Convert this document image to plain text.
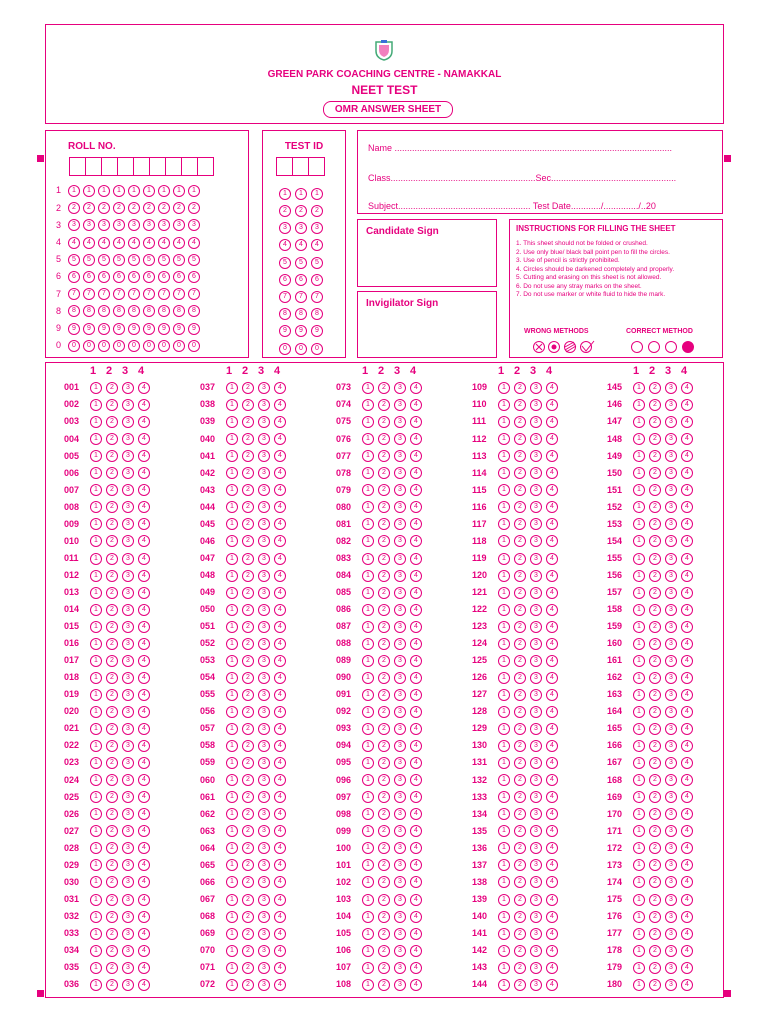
GREEN PARK COACHING CENTRE - NAMAKKAL
NEET TEST
OMR ANSWER SHEET
ROLL NO.
1 1 1 1 1 1 1 1 1 1
2 2 2 2 2 2 2 2 2 2
3 3 3 3 3 3 3 3 3 3
4 4 4 4 4 4 4 4 4 4
5 5 5 5 5 5 5 5 5 5
6 6 6 6 6 6 6 6 6 6
7 7 7 7 7 7 7 7 7 7
8 8 8 8 8 8 8 8 8 8
9 9 9 9 9 9 9 9 9 9
0 0 0 0 0 0 0 0 0 0
TEST ID
1 1 1
2 2 2
3 3 3
4 4 4
5 5 5
6 6 6
7 7 7
8 8 8
9 9 9
0 0 0
Name ...............................................................................................................
Class..........................................................Sec..................................................
Subject..................................................... Test Date............/............../..20
Candidate Sign
Invigilator Sign
INSTRUCTIONS FOR FILLING THE SHEET
1. This sheet should not be folded or crushed.
2. Use only blue/ black ball point pen to fill the circles.
3. Use of pencil is strictly prohibited.
4. Circles should be darkened completely and properly.
5. Cutting and erasing on this sheet is not allowed.
6. Do not use any stray marks on the sheet.
7. Do not use marker or white fluid to hide the mark.
WRONG METHODS	CORRECT METHOD
1 2 3 4
001 1 2 3 4
002 1 2 3 4
003 1 2 3 4
004 1 2 3 4
005 1 2 3 4
006 1 2 3 4
007 1 2 3 4
008 1 2 3 4
009 1 2 3 4
010 1 2 3 4
011 1 2 3 4
012 1 2 3 4
013 1 2 3 4
014 1 2 3 4
015 1 2 3 4
016 1 2 3 4
017 1 2 3 4
018 1 2 3 4
019 1 2 3 4
020 1 2 3 4
021 1 2 3 4
022 1 2 3 4
023 1 2 3 4
024 1 2 3 4
025 1 2 3 4
026 1 2 3 4
027 1 2 3 4
028 1 2 3 4
029 1 2 3 4
030 1 2 3 4
031 1 2 3 4
032 1 2 3 4
033 1 2 3 4
034 1 2 3 4
035 1 2 3 4
036 1 2 3 4
1 2 3 4
037 1 2 3 4
038 1 2 3 4
039 1 2 3 4
040 1 2 3 4
041 1 2 3 4
042 1 2 3 4
043 1 2 3 4
044 1 2 3 4
045 1 2 3 4
046 1 2 3 4
047 1 2 3 4
048 1 2 3 4
049 1 2 3 4
050 1 2 3 4
051 1 2 3 4
052 1 2 3 4
053 1 2 3 4
054 1 2 3 4
055 1 2 3 4
056 1 2 3 4
057 1 2 3 4
058 1 2 3 4
059 1 2 3 4
060 1 2 3 4
061 1 2 3 4
062 1 2 3 4
063 1 2 3 4
064 1 2 3 4
065 1 2 3 4
066 1 2 3 4
067 1 2 3 4
068 1 2 3 4
069 1 2 3 4
070 1 2 3 4
071 1 2 3 4
072 1 2 3 4
1 2 3 4
073 1 2 3 4
074 1 2 3 4
075 1 2 3 4
076 1 2 3 4
077 1 2 3 4
078 1 2 3 4
079 1 2 3 4
080 1 2 3 4
081 1 2 3 4
082 1 2 3 4
083 1 2 3 4
084 1 2 3 4
085 1 2 3 4
086 1 2 3 4
087 1 2 3 4
088 1 2 3 4
089 1 2 3 4
090 1 2 3 4
091 1 2 3 4
092 1 2 3 4
093 1 2 3 4
094 1 2 3 4
095 1 2 3 4
096 1 2 3 4
097 1 2 3 4
098 1 2 3 4
099 1 2 3 4
100 1 2 3 4
101 1 2 3 4
102 1 2 3 4
103 1 2 3 4
104 1 2 3 4
105 1 2 3 4
106 1 2 3 4
107 1 2 3 4
108 1 2 3 4
1 2 3 4
109 1 2 3 4
110 1 2 3 4
111 1 2 3 4
112 1 2 3 4
113 1 2 3 4
114 1 2 3 4
115 1 2 3 4
116 1 2 3 4
117 1 2 3 4
118 1 2 3 4
119 1 2 3 4
120 1 2 3 4
121 1 2 3 4
122 1 2 3 4
123 1 2 3 4
124 1 2 3 4
125 1 2 3 4
126 1 2 3 4
127 1 2 3 4
128 1 2 3 4
129 1 2 3 4
130 1 2 3 4
131 1 2 3 4
132 1 2 3 4
133 1 2 3 4
134 1 2 3 4
135 1 2 3 4
136 1 2 3 4
137 1 2 3 4
138 1 2 3 4
139 1 2 3 4
140 1 2 3 4
141 1 2 3 4
142 1 2 3 4
143 1 2 3 4
144 1 2 3 4
1 2 3 4
145 1 2 3 4
146 1 2 3 4
147 1 2 3 4
148 1 2 3 4
149 1 2 3 4
150 1 2 3 4
151 1 2 3 4
152 1 2 3 4
153 1 2 3 4
154 1 2 3 4
155 1 2 3 4
156 1 2 3 4
157 1 2 3 4
158 1 2 3 4
159 1 2 3 4
160 1 2 3 4
161 1 2 3 4
162 1 2 3 4
163 1 2 3 4
164 1 2 3 4
165 1 2 3 4
166 1 2 3 4
167 1 2 3 4
168 1 2 3 4
169 1 2 3 4
170 1 2 3 4
171 1 2 3 4
172 1 2 3 4
173 1 2 3 4
174 1 2 3 4
175 1 2 3 4
176 1 2 3 4
177 1 2 3 4
178 1 2 3 4
179 1 2 3 4
180 1 2 3 4
